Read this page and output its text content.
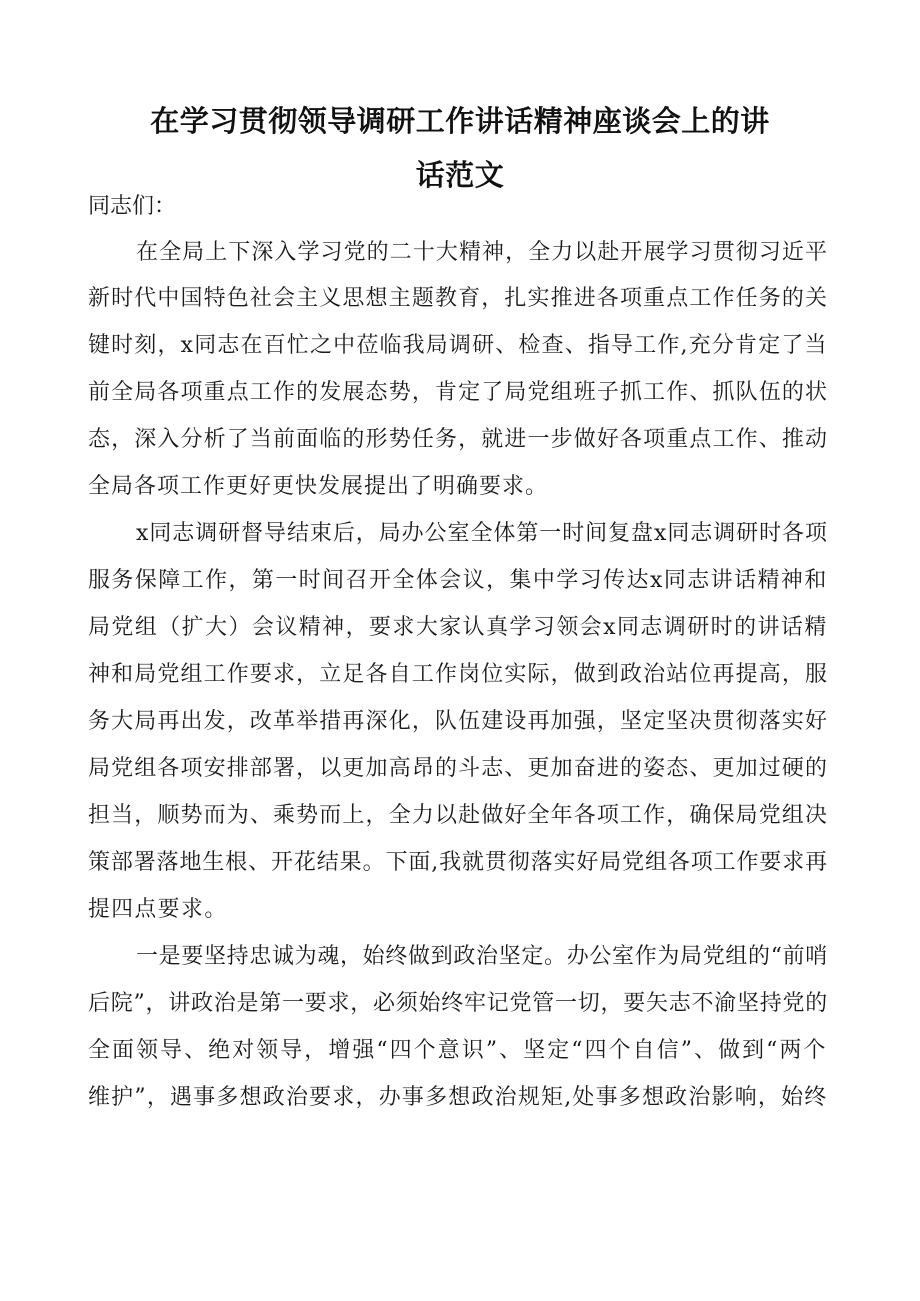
在学习贯彻领导调研工作讲话精神座谈会上的讲
话范文
同志们：
在全局上下深入学习党的二十大精神，全力以赴开展学习贯彻习近平
新时代中国特色社会主义思想主题教育，扎实推进各项重点工作任务的关
键时刻，x同志在百忙之中莅临我局调研、检查、指导工作,充分肯定了当
前全局各项重点工作的发展态势，肯定了局党组班子抓工作、抓队伍的状
态，深入分析了当前面临的形势任务，就进一步做好各项重点工作、推动
全局各项工作更好更快发展提出了明确要求。
x同志调研督导结束后，局办公室全体第一时间复盘x同志调研时各项
服务保障工作，第一时间召开全体会议，集中学习传达x同志讲话精神和
局党组（扩大）会议精神，要求大家认真学习领会x同志调研时的讲话精
神和局党组工作要求，立足各自工作岗位实际，做到政治站位再提高，服
务大局再出发，改革举措再深化，队伍建设再加强，坚定坚决贯彻落实好
局党组各项安排部署，以更加高昂的斗志、更加奋进的姿态、更加过硬的
担当，顺势而为、乘势而上，全力以赴做好全年各项工作，确保局党组决
策部署落地生根、开花结果。下面,我就贯彻落实好局党组各项工作要求再
提四点要求。
一是要坚持忠诚为魂，始终做到政治坚定。办公室作为局党组的“前哨
后院”，讲政治是第一要求，必须始终牢记党管一切，要矢志不渝坚持党的
全面领导、绝对领导，增强“四个意识”、坚定“四个自信”、做到“两个
维护”，遇事多想政治要求，办事多想政治规矩,处事多想政治影响，始终
